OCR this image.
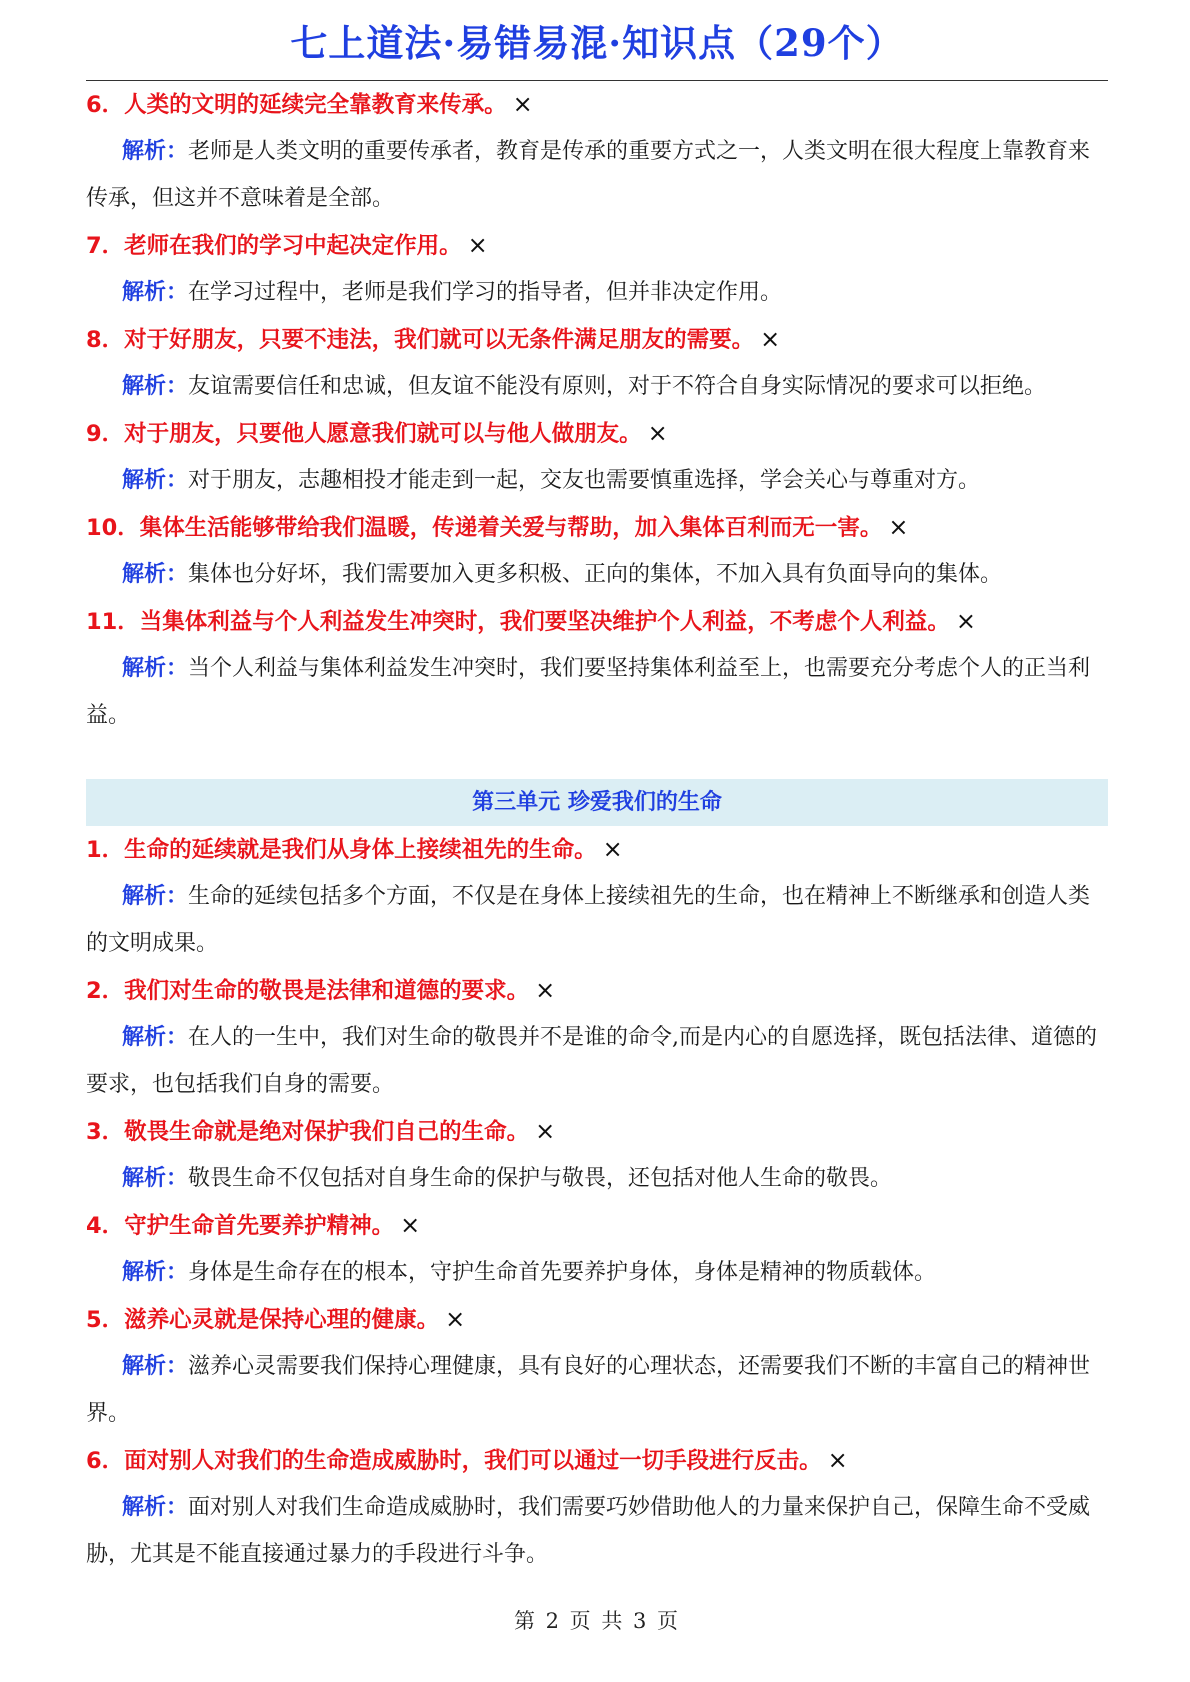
七上道法·易错易混·知识点（29个）
6．人类的文明的延续完全靠教育来传承。 ×
解析：老师是人类文明的重要传承者，教育是传承的重要方式之一，人类文明在很大程度上靠教育来传承，但这并不意味着是全部。
7．老师在我们的学习中起决定作用。 ×
解析：在学习过程中，老师是我们学习的指导者，但并非决定作用。
8．对于好朋友，只要不违法，我们就可以无条件满足朋友的需要。 ×
解析：友谊需要信任和忠诚，但友谊不能没有原则，对于不符合自身实际情况的要求可以拒绝。
9．对于朋友，只要他人愿意我们就可以与他人做朋友。 ×
解析：对于朋友，志趣相投才能走到一起，交友也需要慎重选择，学会关心与尊重对方。
10．集体生活能够带给我们温暖，传递着关爱与帮助，加入集体百利而无一害。 ×
解析：集体也分好坏，我们需要加入更多积极、正向的集体，不加入具有负面导向的集体。
11．当集体利益与个人利益发生冲突时，我们要坚决维护个人利益，不考虑个人利益。 ×
解析：当个人利益与集体利益发生冲突时，我们要坚持集体利益至上，也需要充分考虑个人的正当利益。
第三单元 珍爱我们的生命
1．生命的延续就是我们从身体上接续祖先的生命。 ×
解析：生命的延续包括多个方面，不仅是在身体上接续祖先的生命，也在精神上不断继承和创造人类的文明成果。
2．我们对生命的敬畏是法律和道德的要求。 ×
解析：在人的一生中，我们对生命的敬畏并不是谁的命令,而是内心的自愿选择，既包括法律、道德的要求，也包括我们自身的需要。
3．敬畏生命就是绝对保护我们自己的生命。 ×
解析：敬畏生命不仅包括对自身生命的保护与敬畏，还包括对他人生命的敬畏。
4．守护生命首先要养护精神。 ×
解析：身体是生命存在的根本，守护生命首先要养护身体，身体是精神的物质载体。
5．滋养心灵就是保持心理的健康。 ×
解析：滋养心灵需要我们保持心理健康，具有良好的心理状态，还需要我们不断的丰富自己的精神世界。
6．面对别人对我们的生命造成威胁时，我们可以通过一切手段进行反击。 ×
解析：面对别人对我们生命造成威胁时，我们需要巧妙借助他人的力量来保护自己，保障生命不受威胁，尤其是不能直接通过暴力的手段进行斗争。
第 2 页 共 3 页
